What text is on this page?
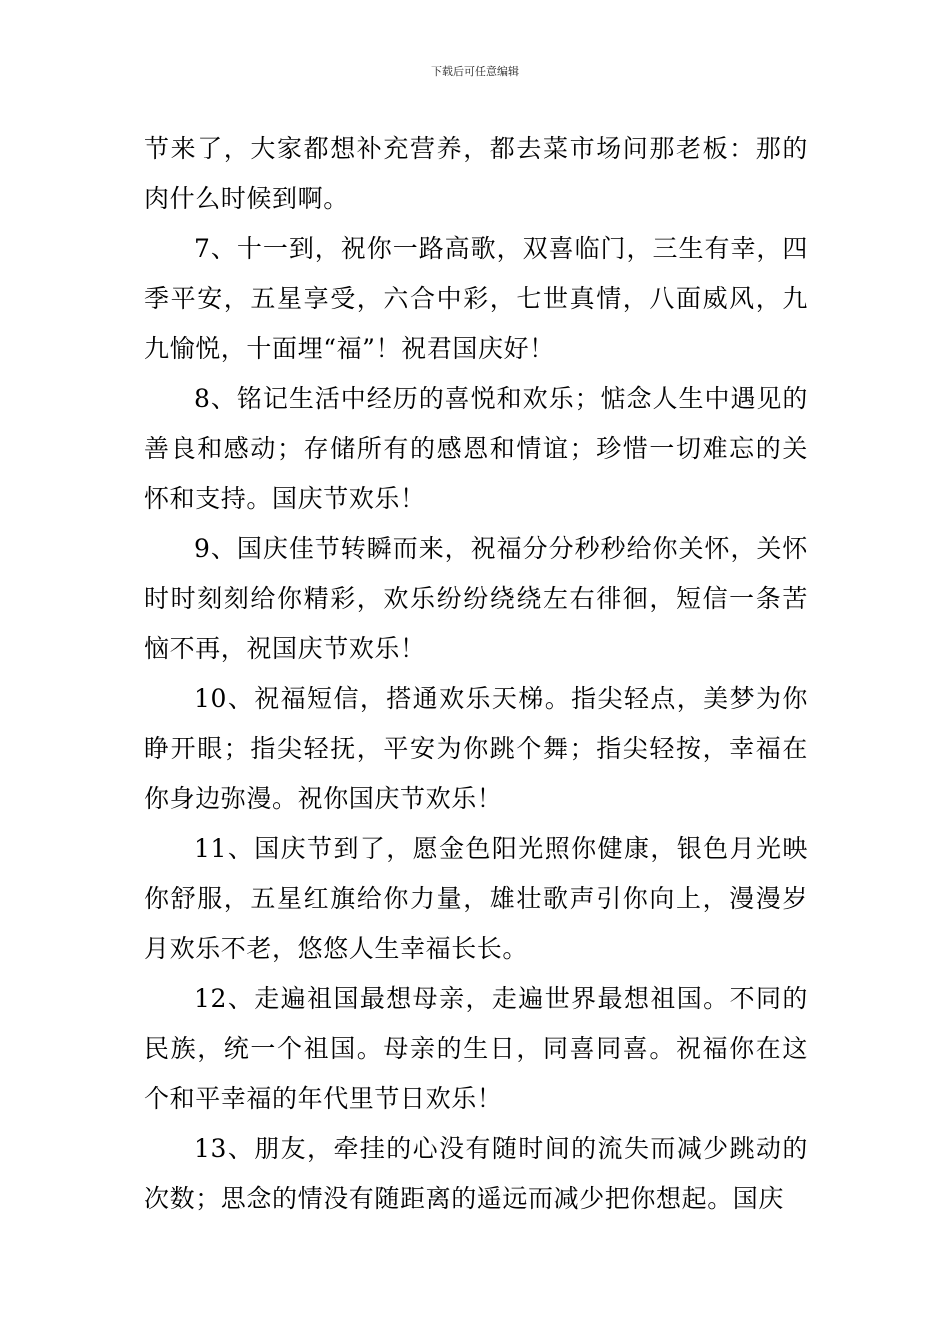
下载后可任意编辑

节来了，大家都想补充营养，都去菜市场问那老板：那的肉什么时候到啊。

7、十一到，祝你一路高歌，双喜临门，三生有幸，四季平安，五星享受，六合中彩，七世真情，八面威风，九九愉悦，十面埋“福”！祝君国庆好！

8、铭记生活中经历的喜悦和欢乐；惦念人生中遇见的善良和感动；存储所有的感恩和情谊；珍惜一切难忘的关怀和支持。国庆节欢乐！

9、国庆佳节转瞬而来，祝福分分秒秒给你关怀，关怀时时刻刻给你精彩，欢乐纷纷绕绕左右徘徊，短信一条苦恼不再，祝国庆节欢乐！

10、祝福短信，搭通欢乐天梯。指尖轻点，美梦为你睁开眼；指尖轻抚，平安为你跳个舞；指尖轻按，幸福在你身边弥漫。祝你国庆节欢乐！

11、国庆节到了，愿金色阳光照你健康，银色月光映你舒服，五星红旗给你力量，雄壮歌声引你向上，漫漫岁月欢乐不老，悠悠人生幸福长长。

12、走遍祖国最想母亲，走遍世界最想祖国。不同的民族，统一个祖国。母亲的生日，同喜同喜。祝福你在这个和平幸福的年代里节日欢乐！

13、朋友，牵挂的心没有随时间的流失而减少跳动的次数；思念的情没有随距离的遥远而减少把你想起。国庆
